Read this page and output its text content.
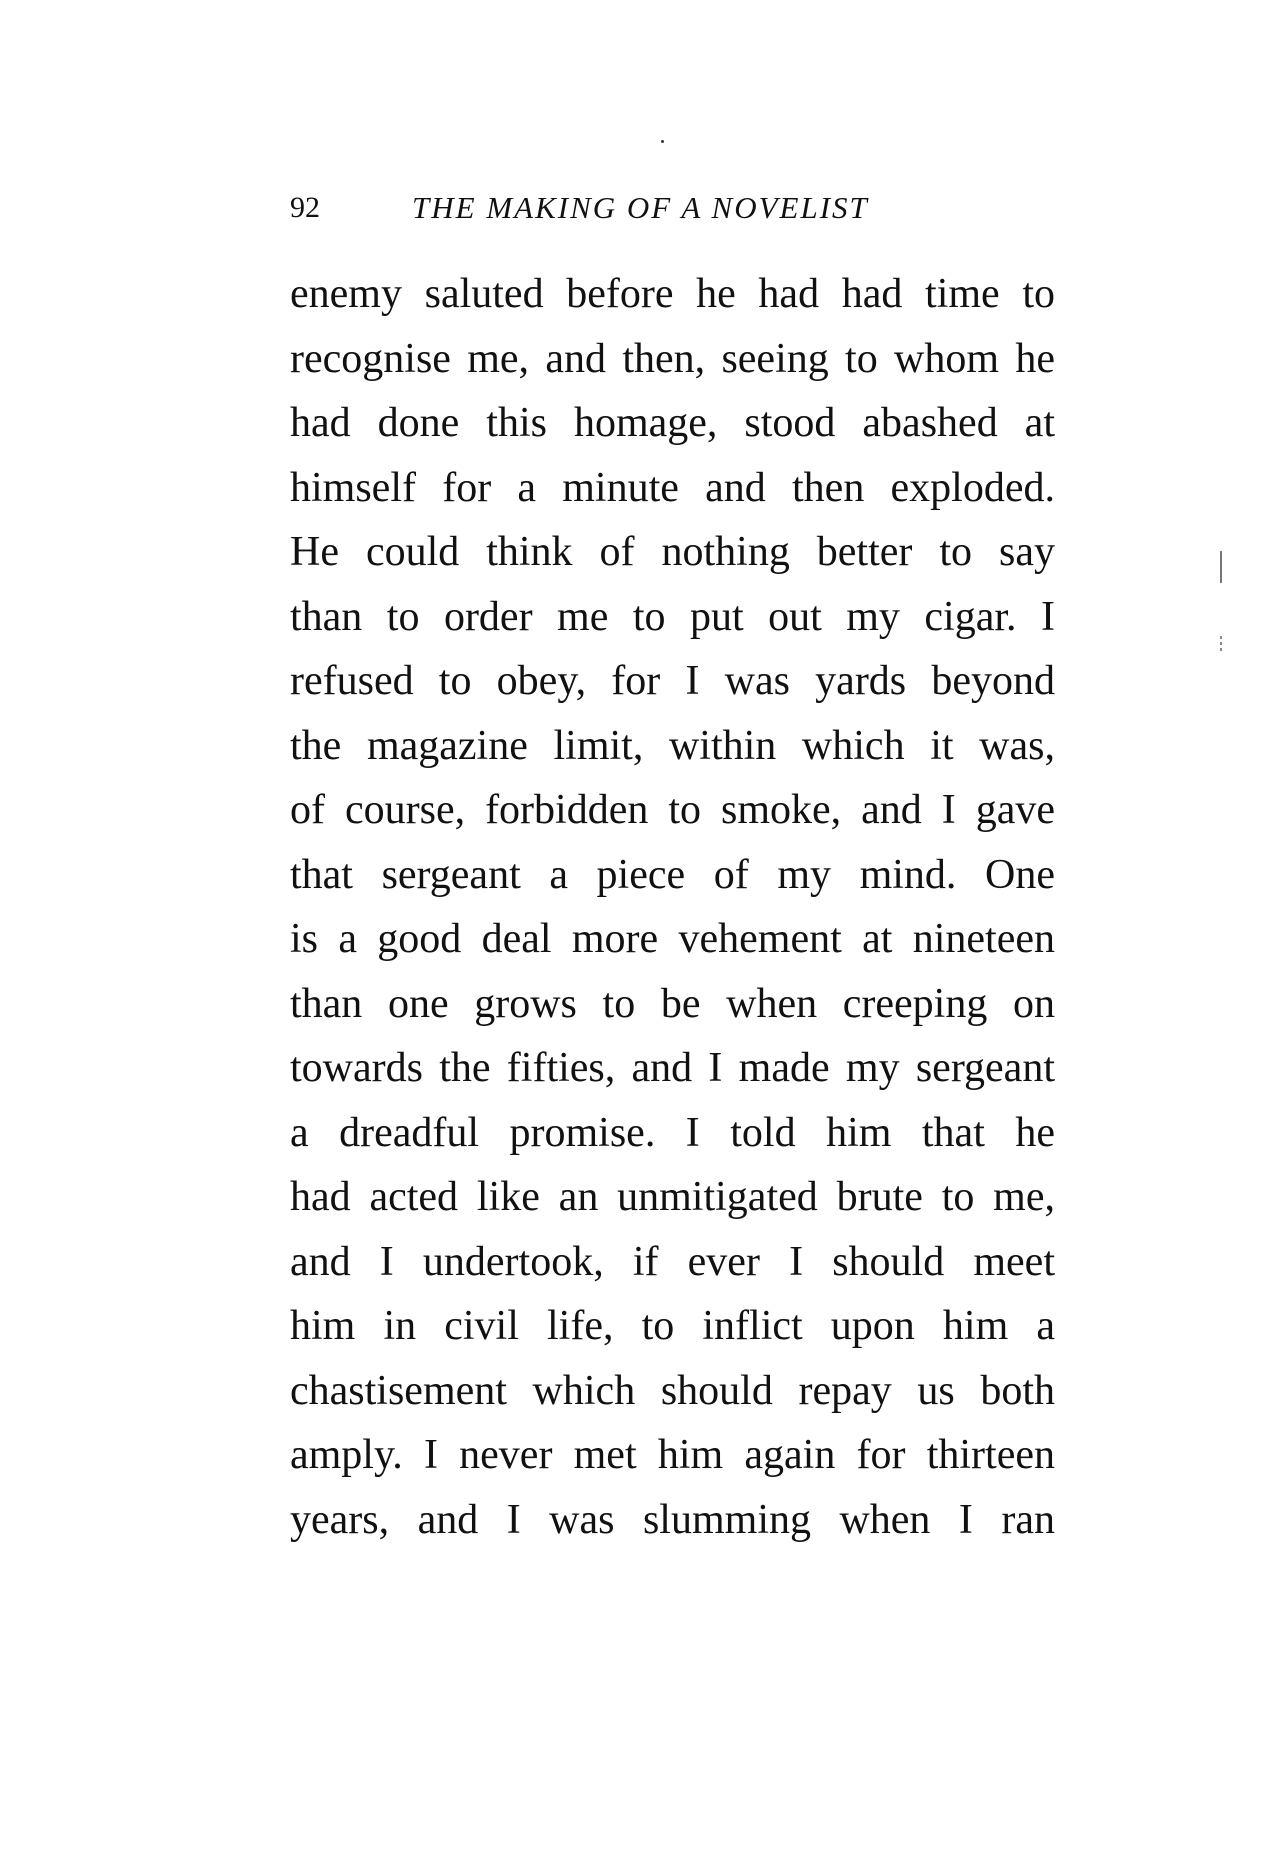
92	THE MAKING OF A NOVELIST
enemy saluted before he had had time to
recognise me, and then, seeing to whom he
had done this homage, stood abashed at
himself for a minute and then exploded.
He could think of nothing better to say
than to order me to put out my cigar. I
refused to obey, for I was yards beyond
the magazine limit, within which it was,
of course, forbidden to smoke, and I gave
that sergeant a piece of my mind. One
is a good deal more vehement at nineteen
than one grows to be when creeping on
towards the fifties, and I made my sergeant
a dreadful promise. I told him that he
had acted like an unmitigated brute to me,
and I undertook, if ever I should meet
him in civil life, to inflict upon him a
chastisement which should repay us both
amply. I never met him again for thirteen
years, and I was slumming when I ran
